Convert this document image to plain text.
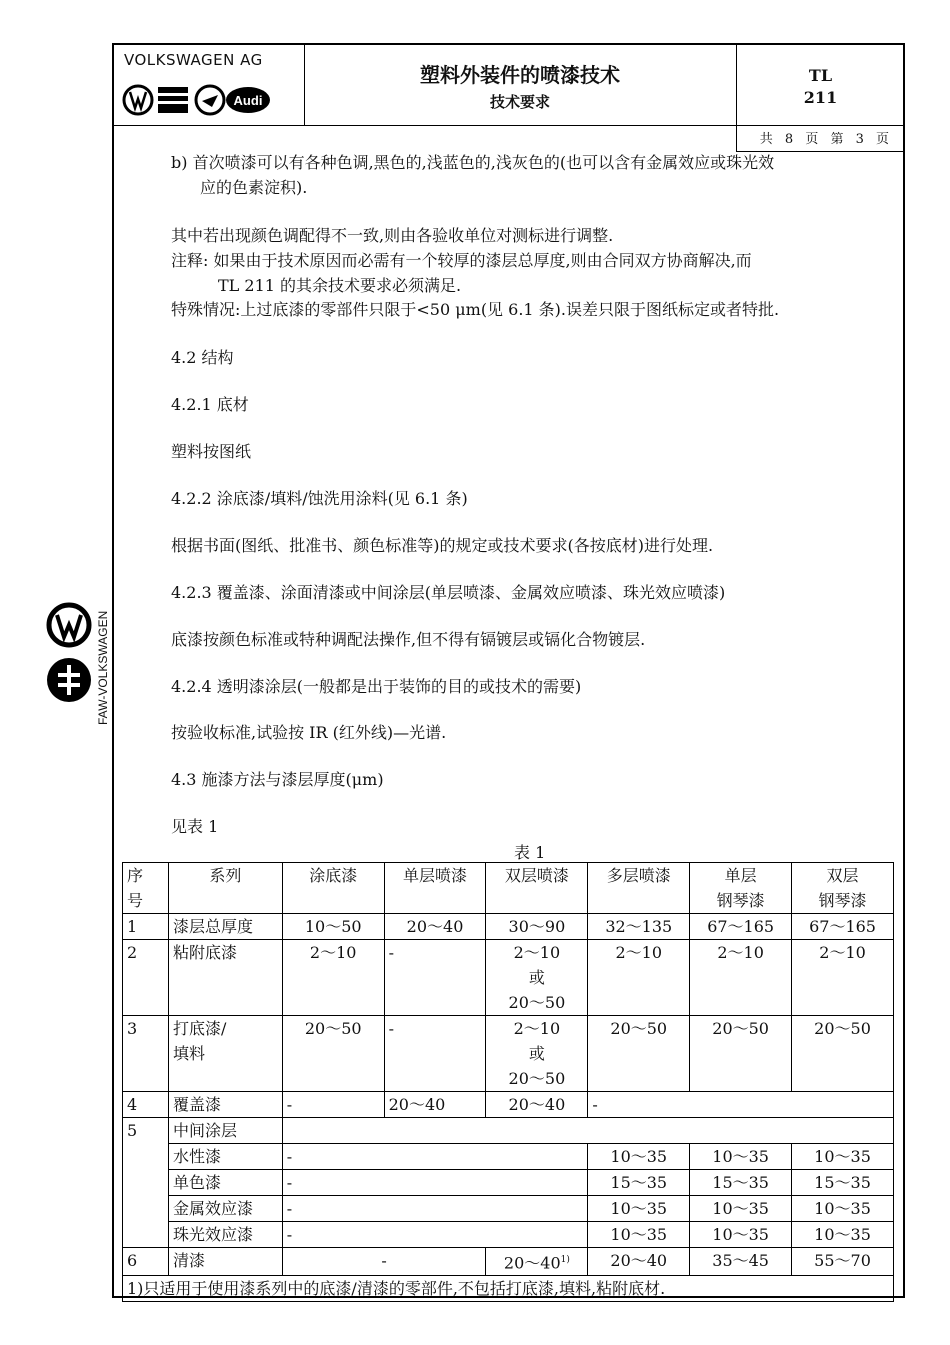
FAW-VOLKSWAGEN
VOLKSWAGEN AG
Audi
塑料外装件的喷漆技术
技术要求
TL
211
共 8 页 第 3 页
b) 首次喷漆可以有各种色调,黑色的,浅蓝色的,浅灰色的(也可以含有金属效应或珠光效
应的色素淀积).
其中若出现颜色调配得不一致,则由各验收单位对测标进行调整.
注释: 如果由于技术原因而必需有一个较厚的漆层总厚度,则由合同双方协商解决,而
TL 211 的其余技术要求必须满足.
特殊情况:上过底漆的零部件只限于<50 μm(见 6.1 条).误差只限于图纸标定或者特批.
4.2 结构
4.2.1 底材
塑料按图纸
4.2.2 涂底漆/填料/蚀洗用涂料(见 6.1 条)
根据书面(图纸、批准书、颜色标准等)的规定或技术要求(各按底材)进行处理.
4.2.3 覆盖漆、涂面清漆或中间涂层(单层喷漆、金属效应喷漆、珠光效应喷漆)
底漆按颜色标准或特种调配法操作,但不得有镉镀层或镉化合物镀层.
4.2.4 透明漆涂层(一般都是出于装饰的目的或技术的需要)
按验收标准,试验按 IR (红外线)—光谱.
4.3 施漆方法与漆层厚度(μm)
见表 1
表 1
序
号	系列	涂底漆	单层喷漆	双层喷漆	多层喷漆	单层
钢琴漆	双层
钢琴漆
1	漆层总厚度	10～50	20～40	30～90	32～135	67～165	67～165
2	粘附底漆	2～10	-	2～10
或
20～50	2～10	2～10	2～10
3	打底漆/
填料	20～50	-	2～10
或
20～50	20～50	20～50	20～50
4	覆盖漆	-	20～40	20～40	-		
5	中间涂层						
	水性漆	-			10～35	10～35	10～35
	单色漆	-			15～35	15～35	15～35
	金属效应漆	-			10～35	10～35	10～35
	珠光效应漆	-			10～35	10～35	10～35
6	清漆	-		20～40$^{1)}$	20～40	35～45	55～70
1)只适用于使用漆系列中的底漆/清漆的零部件,不包括打底漆,填料,粘附底材.							
